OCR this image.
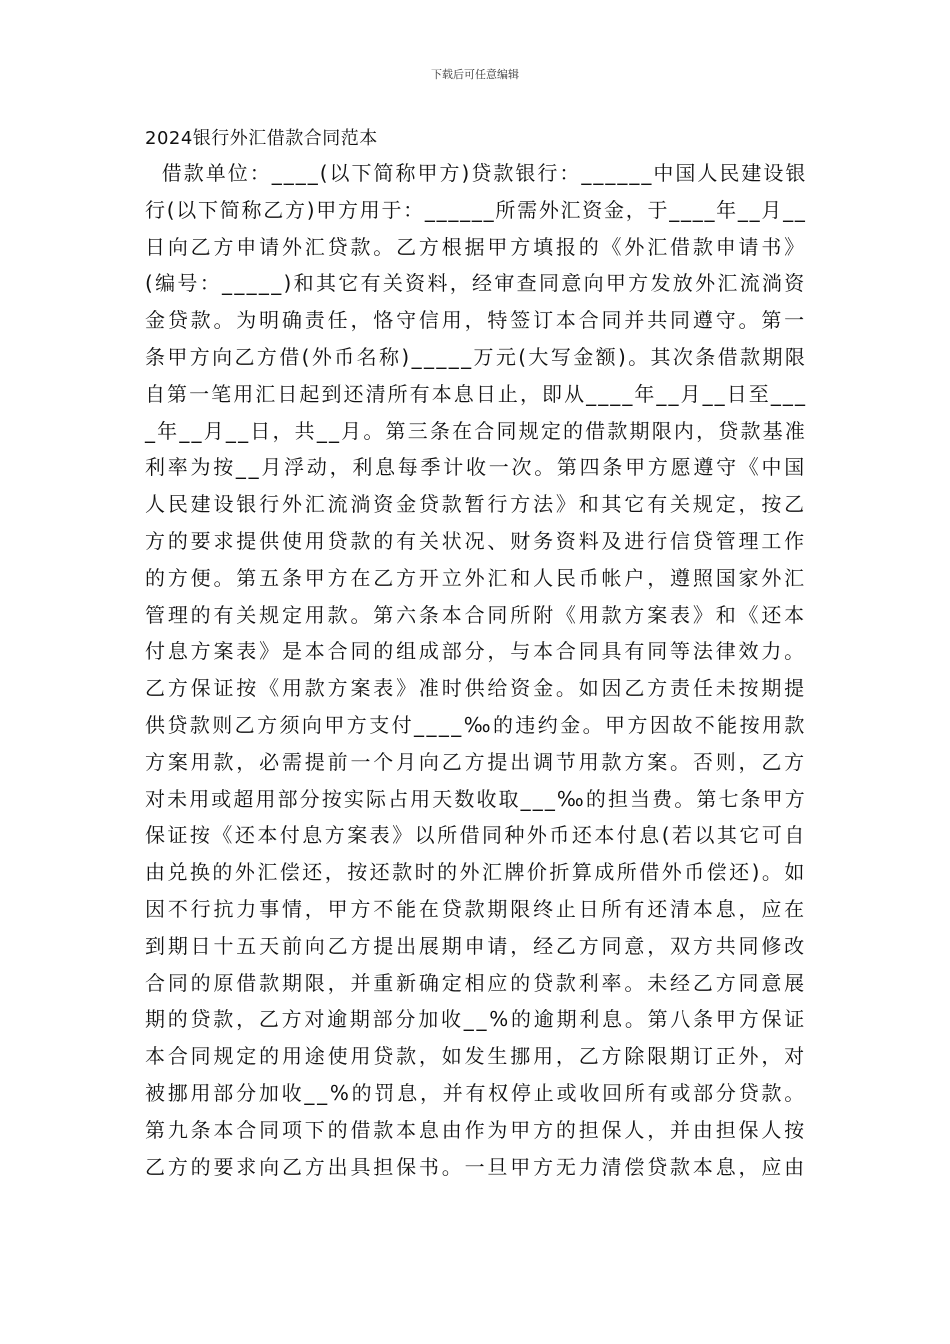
下载后可任意编辑
2024银行外汇借款合同范本
借款单位：____(以下简称甲方)贷款银行：______中国人民建设银
行(以下简称乙方)甲方用于：______所需外汇资金，于____年__月__
日向乙方申请外汇贷款。乙方根据甲方填报的《外汇借款申请书》
(编号：_____)和其它有关资料，经审查同意向甲方发放外汇流淌资
金贷款。为明确责任，恪守信用，特签订本合同并共同遵守。第一
条甲方向乙方借(外币名称)_____万元(大写金额)。其次条借款期限
自第一笔用汇日起到还清所有本息日止，即从____年__月__日至___
_年__月__日，共__月。第三条在合同规定的借款期限内，贷款基准
利率为按__月浮动，利息每季计收一次。第四条甲方愿遵守《中国
人民建设银行外汇流淌资金贷款暂行方法》和其它有关规定，按乙
方的要求提供使用贷款的有关状况、财务资料及进行信贷管理工作
的方便。第五条甲方在乙方开立外汇和人民币帐户，遵照国家外汇
管理的有关规定用款。第六条本合同所附《用款方案表》和《还本
付息方案表》是本合同的组成部分，与本合同具有同等法律效力。
乙方保证按《用款方案表》准时供给资金。如因乙方责任未按期提
供贷款则乙方须向甲方支付____‰的违约金。甲方因故不能按用款
方案用款，必需提前一个月向乙方提出调节用款方案。否则，乙方
对未用或超用部分按实际占用天数收取___‰的担当费。第七条甲方
保证按《还本付息方案表》以所借同种外币还本付息(若以其它可自
由兑换的外汇偿还，按还款时的外汇牌价折算成所借外币偿还)。如
因不行抗力事情，甲方不能在贷款期限终止日所有还清本息，应在
到期日十五天前向乙方提出展期申请，经乙方同意，双方共同修改
合同的原借款期限，并重新确定相应的贷款利率。未经乙方同意展
期的贷款，乙方对逾期部分加收__%的逾期利息。第八条甲方保证
本合同规定的用途使用贷款，如发生挪用，乙方除限期订正外，对
被挪用部分加收__%的罚息，并有权停止或收回所有或部分贷款。
第九条本合同项下的借款本息由作为甲方的担保人，并由担保人按
乙方的要求向乙方出具担保书。一旦甲方无力清偿贷款本息，应由
